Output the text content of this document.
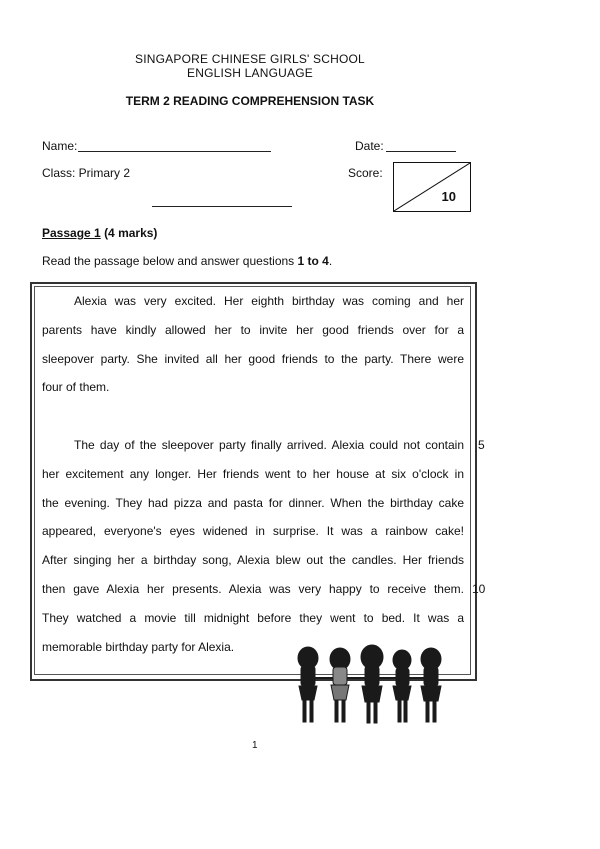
SINGAPORE CHINESE GIRLS' SCHOOL
ENGLISH LANGUAGE
TERM 2 READING COMPREHENSION TASK
Name:	Date:
Class: Primary 2	Score:
10
Passage 1 (4 marks)
Read the passage below and answer questions 1 to 4.
Alexia was very excited. Her eighth birthday was coming and her
parents have kindly allowed her to invite her good friends over for a
sleepover party. She invited all her good friends to the party. There were
four of them.
The day of the sleepover party finally arrived. Alexia could not contain
her excitement any longer. Her friends went to her house at six o'clock in
the evening. They had pizza and pasta for dinner. When the birthday cake
appeared, everyone's eyes widened in surprise. It was a rainbow cake!
After singing her a birthday song, Alexia blew out the candles. Her friends
then gave Alexia her presents. Alexia was very happy to receive them.
They watched a movie till midnight before they went to bed. It was a
memorable birthday party for Alexia.
5
10
1
